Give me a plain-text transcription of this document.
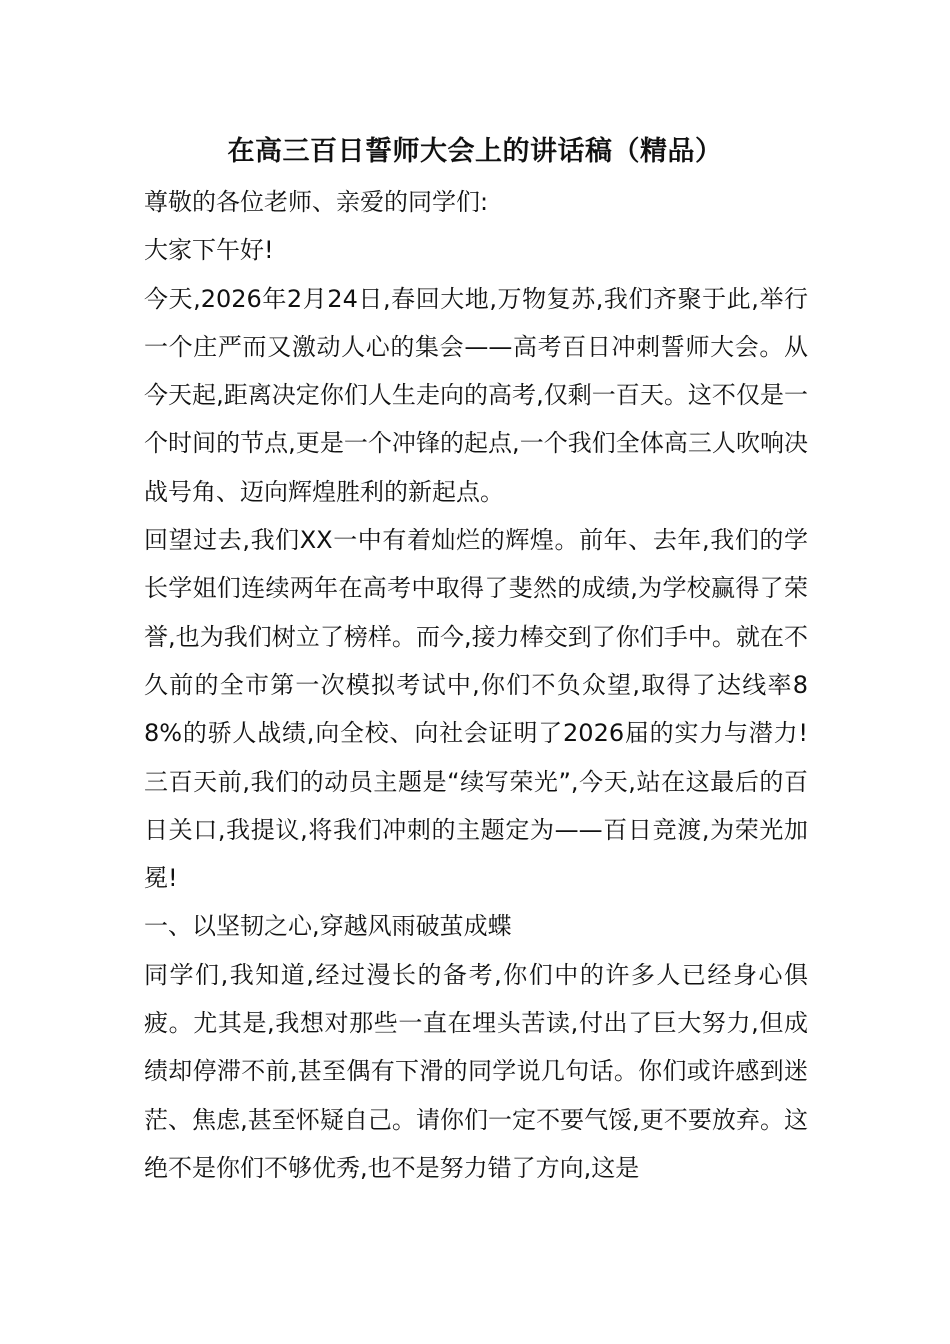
在高三百日誓师大会上的讲话稿（精品）

尊敬的各位老师、亲爱的同学们:

大家下午好!

今天,2026年2月24日,春回大地,万物复苏,我们齐聚于此,举行一个庄严而又激动人心的集会——高考百日冲刺誓师大会。从今天起,距离决定你们人生走向的高考,仅剩一百天。这不仅是一个时间的节点,更是一个冲锋的起点,一个我们全体高三人吹响决战号角、迈向辉煌胜利的新起点。

回望过去,我们XX一中有着灿烂的辉煌。前年、去年,我们的学长学姐们连续两年在高考中取得了斐然的成绩,为学校赢得了荣誉,也为我们树立了榜样。而今,接力棒交到了你们手中。就在不久前的全市第一次模拟考试中,你们不负众望,取得了达线率88%的骄人战绩,向全校、向社会证明了2026届的实力与潜力!三百天前,我们的动员主题是“续写荣光”,今天,站在这最后的百日关口,我提议,将我们冲刺的主题定为——百日竞渡,为荣光加冕!

一、以坚韧之心,穿越风雨破茧成蝶

同学们,我知道,经过漫长的备考,你们中的许多人已经身心俱疲。尤其是,我想对那些一直在埋头苦读,付出了巨大努力,但成绩却停滞不前,甚至偶有下滑的同学说几句话。你们或许感到迷茫、焦虑,甚至怀疑自己。请你们一定不要气馁,更不要放弃。这绝不是你们不够优秀,也不是努力错了方向,这是
